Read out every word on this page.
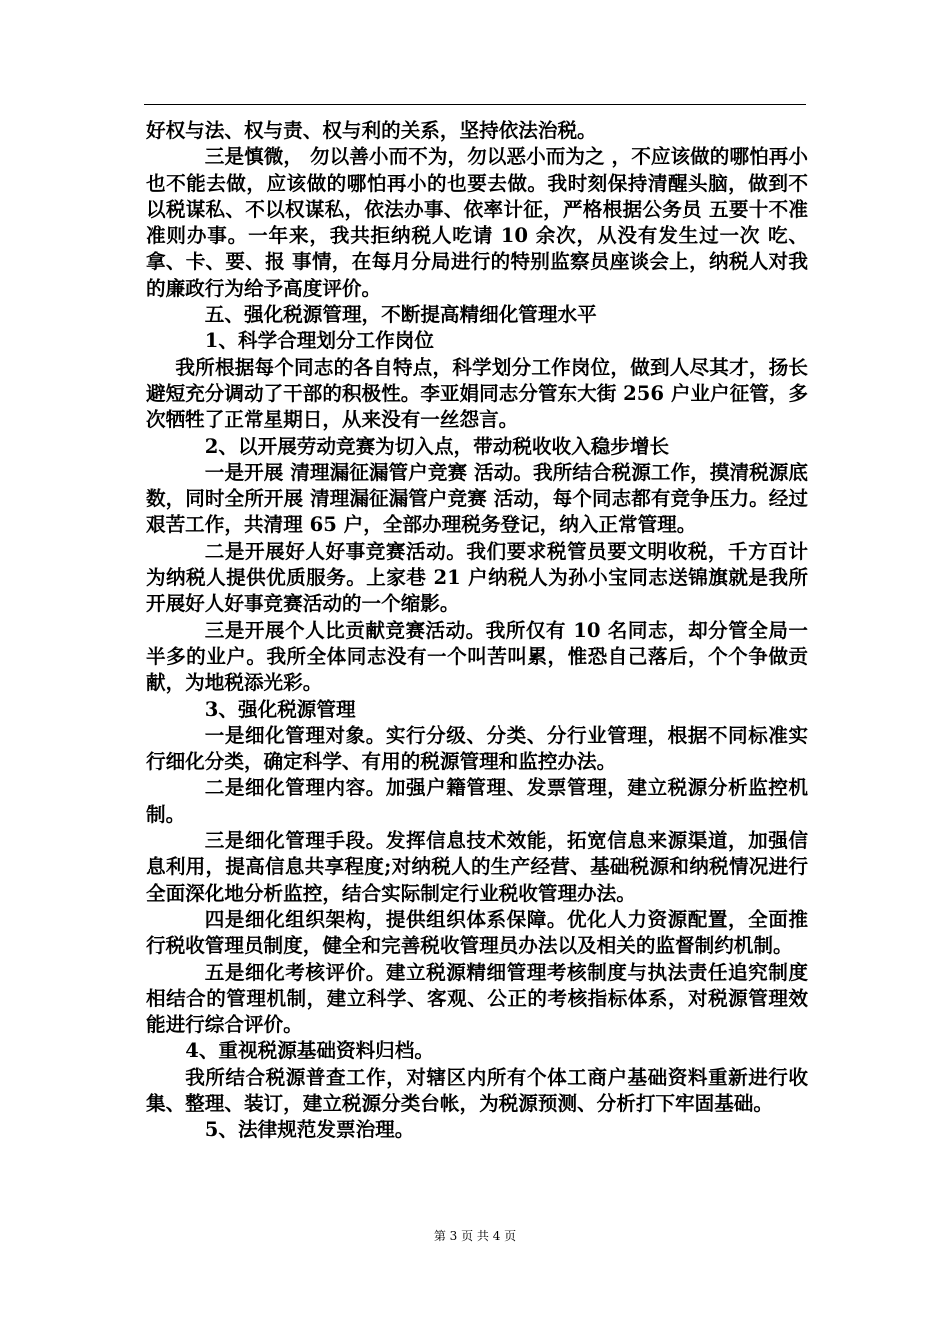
好权与法、权与责、权与利的关系，坚持依法治税。

三是慎微， 勿以善小而不为，勿以恶小而为之 ，不应该做的哪怕再小也不能去做，应该做的哪怕再小的也要去做。我时刻保持清醒头脑，做到不以税谋私、不以权谋私，依法办事、依率计征，严格根据公务员 五要十不准 准则办事。一年来，我共拒纳税人吃请 10 余次，从没有发生过一次 吃、拿、卡、要、报 事情，在每月分局进行的特别监察员座谈会上，纳税人对我的廉政行为给予高度评价。

五、强化税源管理，不断提高精细化管理水平

1、科学合理划分工作岗位

我所根据每个同志的各自特点，科学划分工作岗位，做到人尽其才，扬长避短充分调动了干部的积极性。李亚娟同志分管东大街 256 户业户征管，多次牺牲了正常星期日，从来没有一丝怨言。

2、以开展劳动竞赛为切入点，带动税收收入稳步增长

一是开展 清理漏征漏管户竞赛 活动。我所结合税源工作，摸清税源底数，同时全所开展 清理漏征漏管户竞赛 活动，每个同志都有竞争压力。经过艰苦工作，共清理 65 户，全部办理税务登记，纳入正常管理。

二是开展好人好事竞赛活动。我们要求税管员要文明收税，千方百计为纳税人提供优质服务。上家巷 21 户纳税人为孙小宝同志送锦旗就是我所开展好人好事竞赛活动的一个缩影。

三是开展个人比贡献竞赛活动。我所仅有 10 名同志，却分管全局一半多的业户。我所全体同志没有一个叫苦叫累，惟恐自己落后，个个争做贡献，为地税添光彩。

3、强化税源管理

一是细化管理对象。实行分级、分类、分行业管理，根据不同标准实行细化分类，确定科学、有用的税源管理和监控办法。

二是细化管理内容。加强户籍管理、发票管理，建立税源分析监控机制。

三是细化管理手段。发挥信息技术效能，拓宽信息来源渠道，加强信息利用，提高信息共享程度;对纳税人的生产经营、基础税源和纳税情况进行全面深化地分析监控，结合实际制定行业税收管理办法。

四是细化组织架构，提供组织体系保障。优化人力资源配置，全面推行税收管理员制度，健全和完善税收管理员办法以及相关的监督制约机制。

五是细化考核评价。建立税源精细管理考核制度与执法责任追究制度相结合的管理机制，建立科学、客观、公正的考核指标体系，对税源管理效能进行综合评价。

4、重视税源基础资料归档。

我所结合税源普查工作，对辖区内所有个体工商户基础资料重新进行收集、整理、装订，建立税源分类台帐，为税源预测、分析打下牢固基础。

5、法律规范发票治理。

第 3 页 共 4 页
